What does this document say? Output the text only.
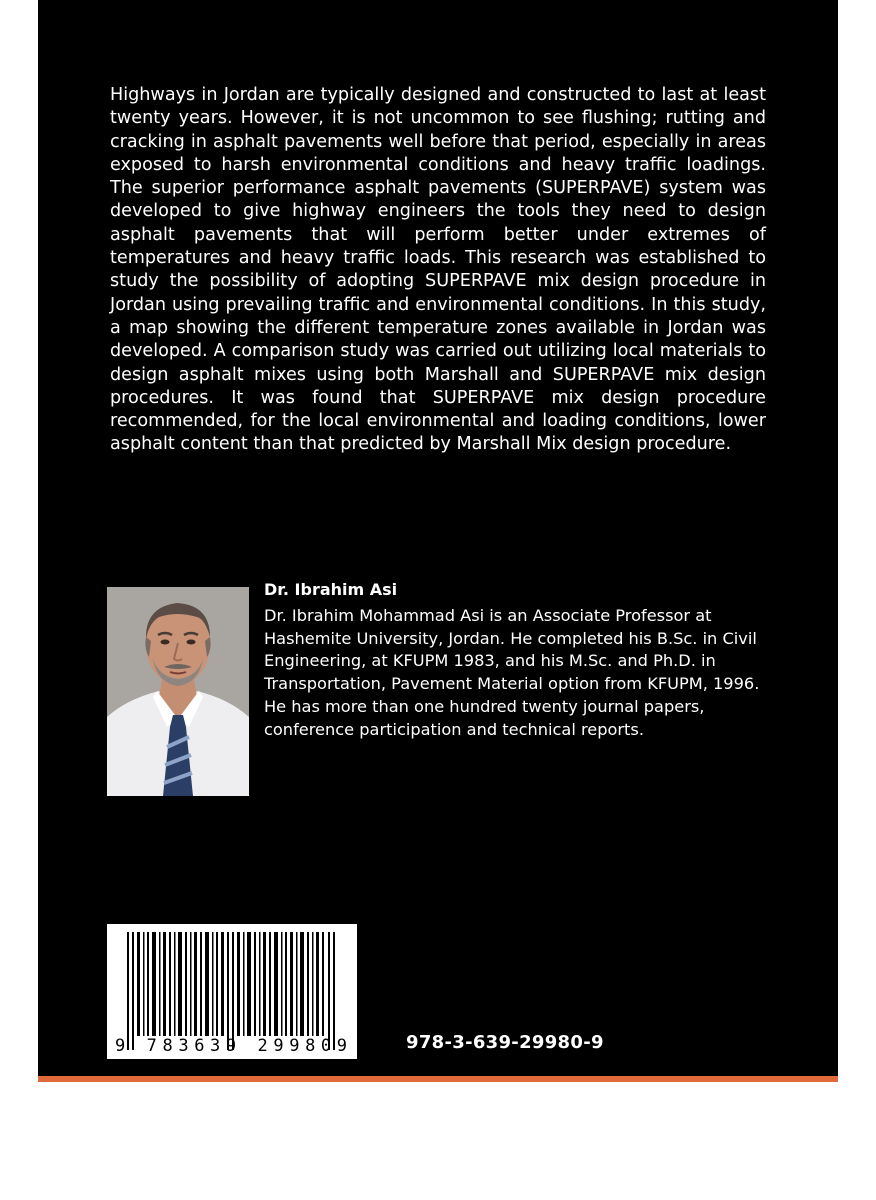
Highways in Jordan are typically designed and constructed to last at least twenty years. However, it is not uncommon to see flushing; rutting and cracking in asphalt pavements well before that period, especially in areas exposed to harsh environmental conditions and heavy traffic loadings. The superior performance asphalt pavements (SUPERPAVE) system was developed to give highway engineers the tools they need to design asphalt pavements that will perform better under extremes of temperatures and heavy traffic loads. This research was established to study the possibility of adopting SUPERPAVE mix design procedure in Jordan using prevailing traffic and environmental conditions. In this study, a map showing the different temperature zones available in Jordan was developed. A comparison study was carried out utilizing local materials to design asphalt mixes using both Marshall and SUPERPAVE mix design procedures. It was found that SUPERPAVE mix design procedure recommended, for the local environmental and loading conditions, lower asphalt content than that predicted by Marshall Mix design procedure.

Dr. Ibrahim Asi

Dr. Ibrahim Mohammad Asi is an Associate Professor at Hashemite University, Jordan. He completed his B.Sc. in Civil Engineering, at KFUPM 1983, and his M.Sc. and Ph.D. in Transportation, Pavement Material option from KFUPM, 1996. He has more than one hundred twenty journal papers, conference participation and technical reports.

9 783639 299809	978-3-639-29980-9
